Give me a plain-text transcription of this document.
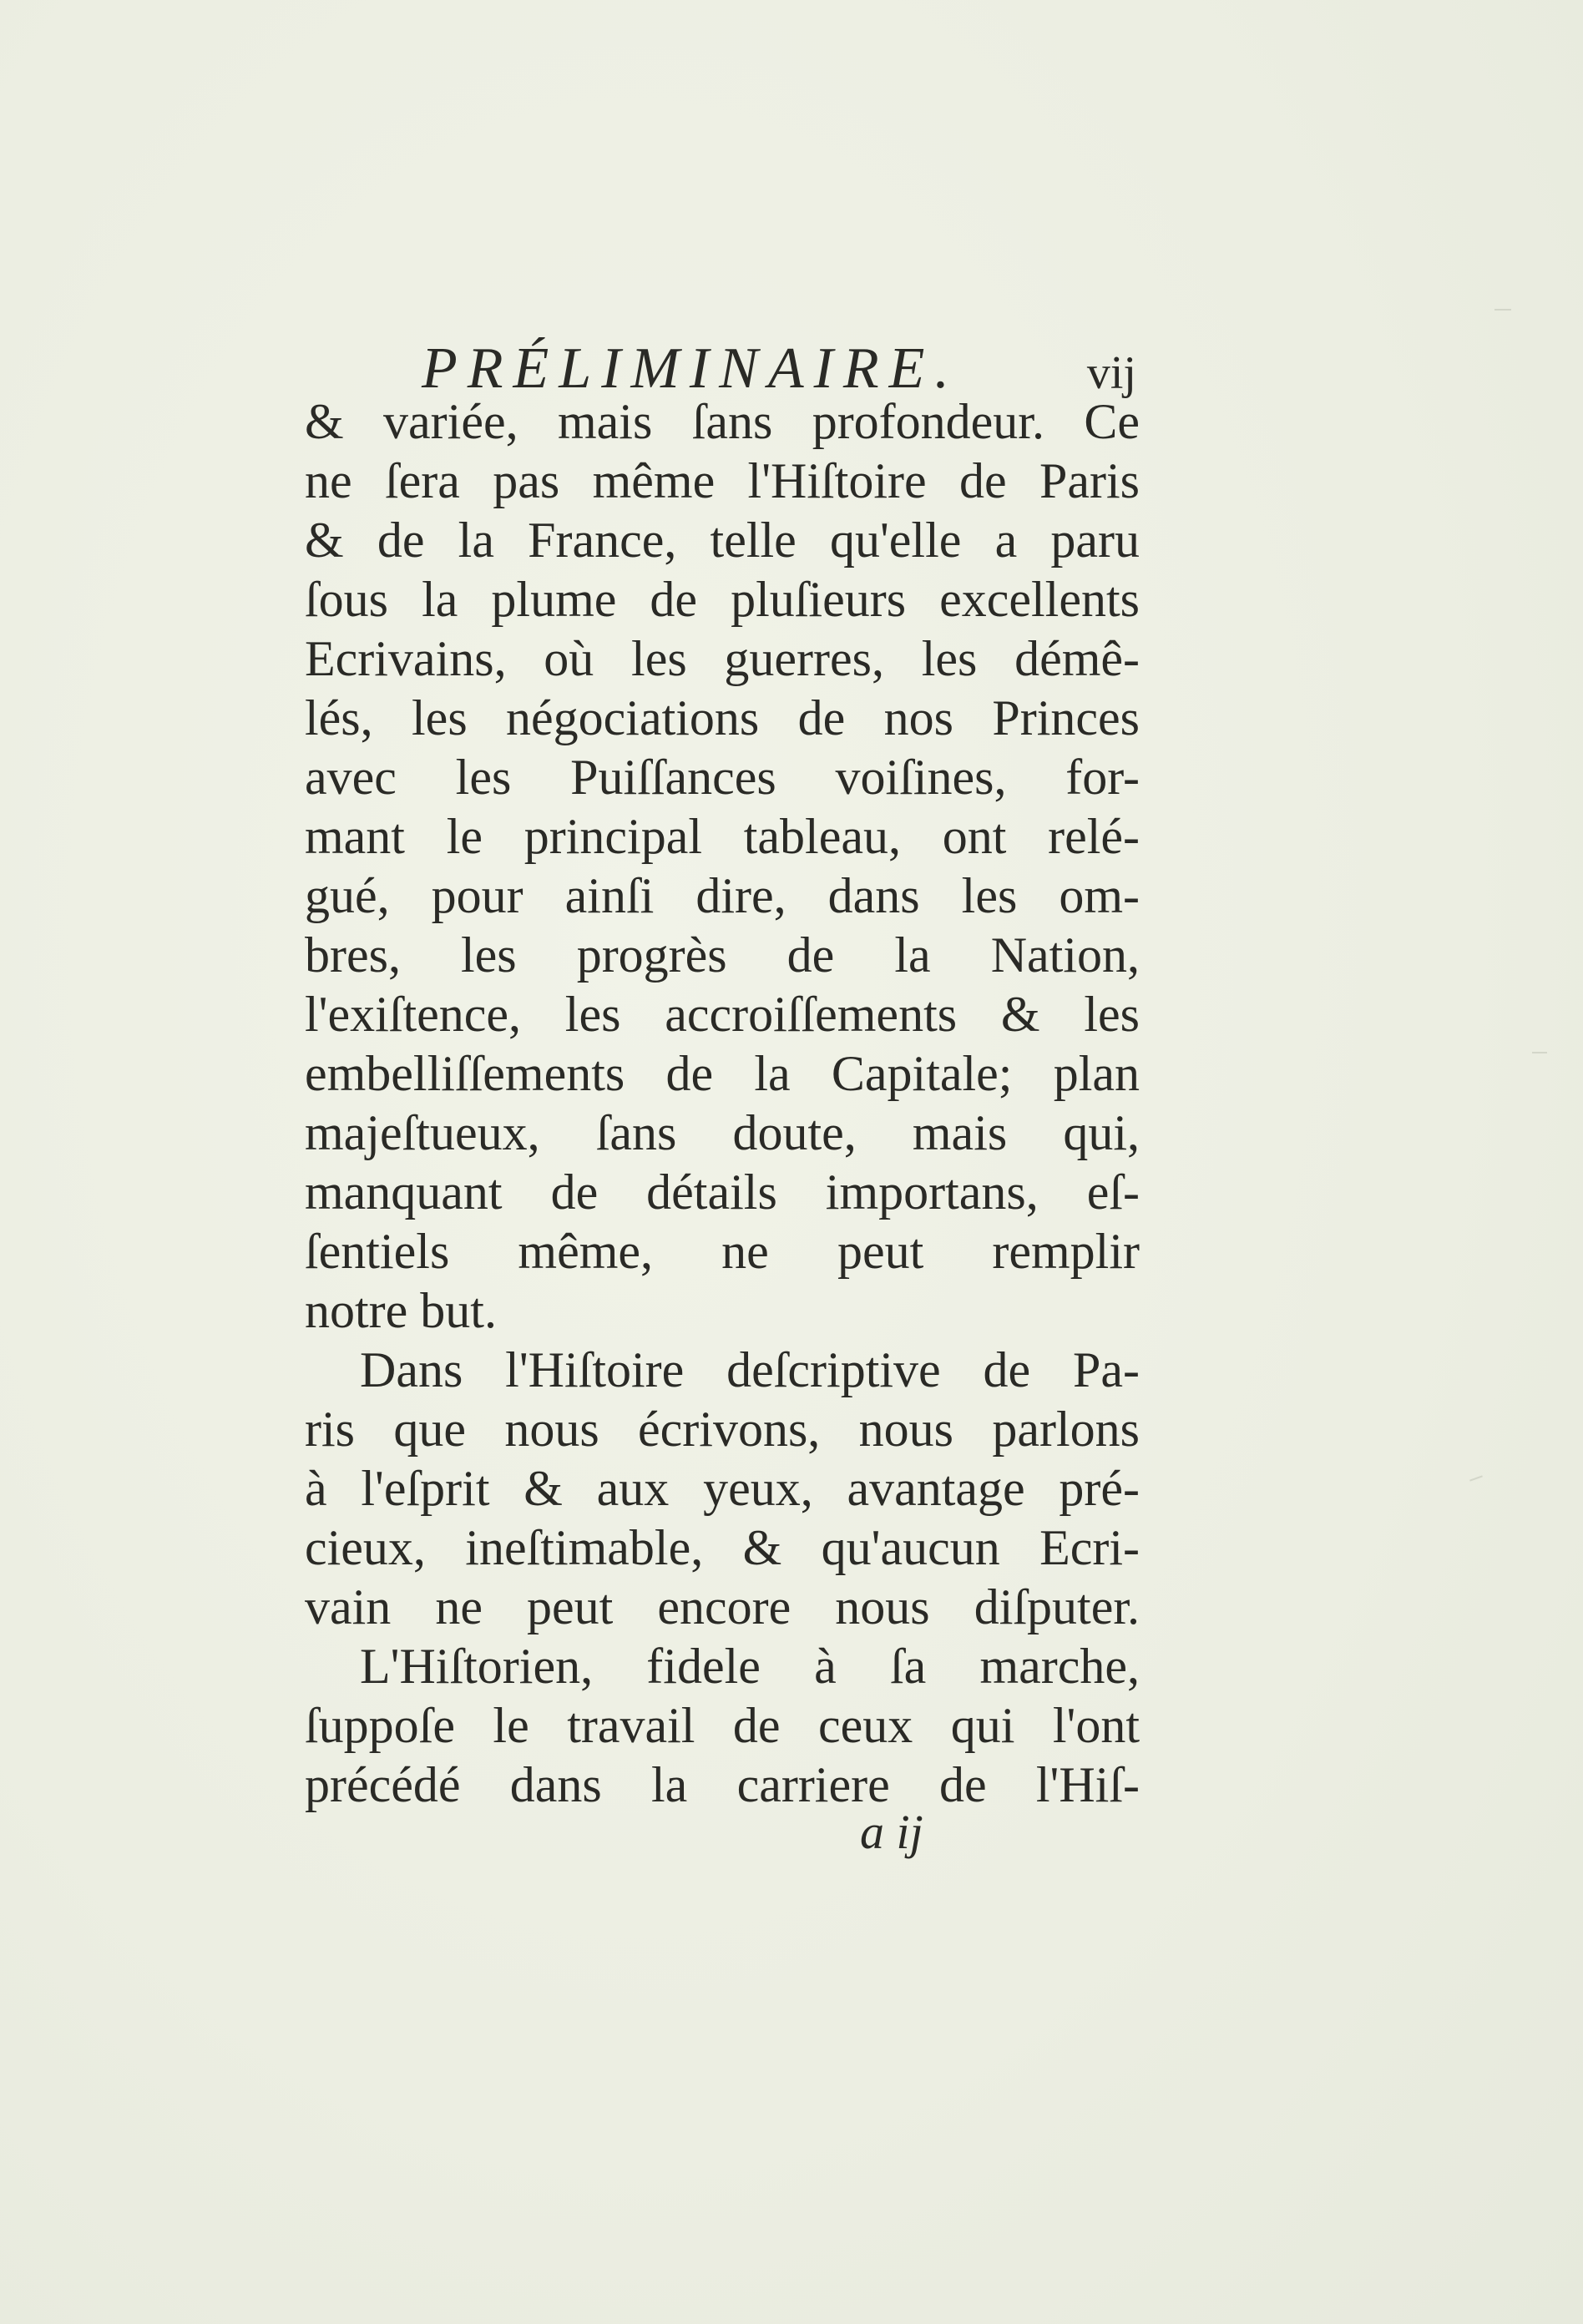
PRÉLIMINAIRE.	vij
& variée, mais ſans profondeur. Ce
ne ſera pas même l'Hiſtoire de Paris
& de la France, telle qu'elle a paru
ſous la plume de pluſieurs excellents
Ecrivains, où les guerres, les démê-
lés, les négociations de nos Princes
avec les Puiſſances voiſines, for-
mant le principal tableau, ont relé-
gué, pour ainſi dire, dans les om-
bres, les progrès de la Nation,
l'exiſtence, les accroiſſements & les
embelliſſements de la Capitale; plan
majeſtueux, ſans doute, mais qui,
manquant de détails importans, eſ-
ſentiels même, ne peut remplir
notre but.
Dans l'Hiſtoire deſcriptive de Pa-
ris que nous écrivons, nous parlons
à l'eſprit & aux yeux, avantage pré-
cieux, ineſtimable, & qu'aucun Ecri-
vain ne peut encore nous diſputer.
L'Hiſtorien, fidele à ſa marche,
ſuppoſe le travail de ceux qui l'ont
précédé dans la carriere de l'Hiſ-
a ij
